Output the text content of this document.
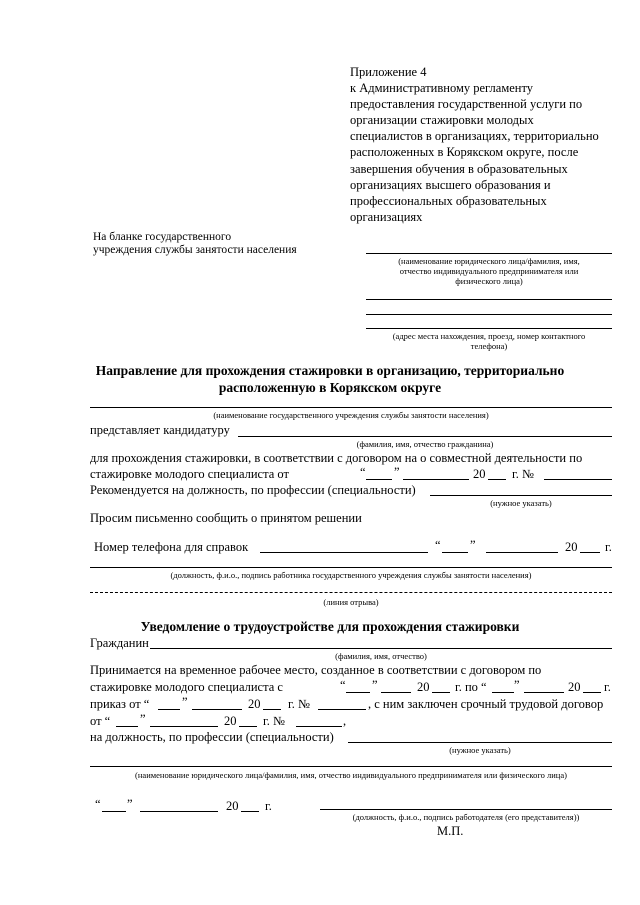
Приложение 4
к Административному регламенту
предоставления государственной услуги по
организации стажировки молодых
специалистов в организациях, территориально
расположенных в Корякском округе, после
завершения обучения в образовательных
организациях высшего образования и
профессиональных образовательных
организациях
На бланке государственного
учреждения службы занятости населения
(наименование юридического лица/фамилия, имя,
отчество индивидуального предпринимателя или
физического лица)
(адрес места нахождения, проезд, номер контактного
телефона)
Направление для прохождения стажировки в организацию, территориально
расположенную в Корякском округе
(наименование государственного учреждения службы занятости населения)
представляет кандидатуру
(фамилия, имя, отчество гражданина)
для прохождения стажировки, в соответствии с договором на о совместной деятельности по
стажировке молодого специалиста от	“ ”	20 г. №
Рекомендуется на должность, по профессии (специальности)
(нужное указать)
Просим письменно сообщить о принятом решении
Номер телефона для справок	“ ”	20 г.
(должность, ф.и.о., подпись работника государственного учреждения службы занятости населения)
(линия отрыва)
Уведомление о трудоустройстве для прохождения стажировки
Гражданин
(фамилия, имя, отчество)
Принимается на временное рабочее место, созданное в соответствии с договором по
стажировке молодого специалиста с	“ ”	20 г. по “ ”	20 г.
приказ от “	”	20 г. №	, с ним заключен срочный трудовой договор
от “ ”	20 г. №	,
на должность, по профессии (специальности)
(нужное указать)
(наименование юридического лица/фамилия, имя, отчество индивидуального предпринимателя или физического лица)
“ ”	20 г.
(должность, ф.и.о., подпись работодателя (его представителя))
М.П.
